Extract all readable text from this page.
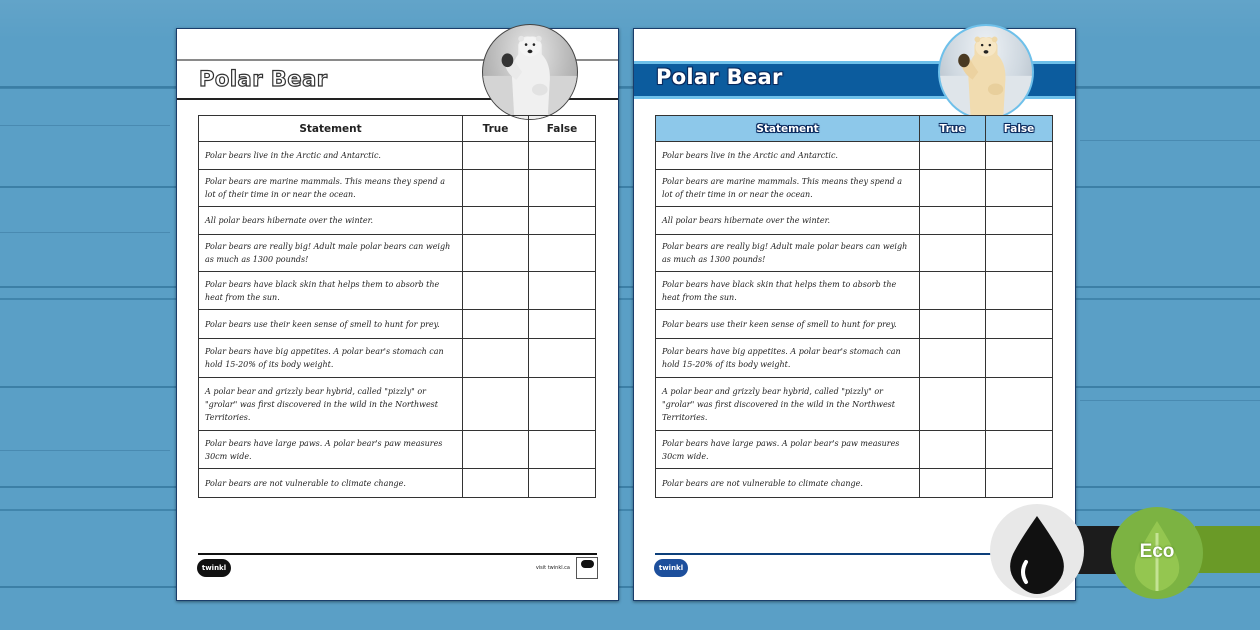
Polar Bear
Statement	True	False
Polar bears live in the Arctic and Antarctic.		
Polar bears are marine mammals. This means they spend a lot of their time in or near the ocean.		
All polar bears hibernate over the winter.		
Polar bears are really big! Adult male polar bears can weigh as much as 1300 pounds!		
Polar bears have black skin that helps them to absorb the heat from the sun.		
Polar bears use their keen sense of smell to hunt for prey.		
Polar bears have big appetites. A polar bear's stomach can hold 15-20% of its body weight.		
A polar bear and grizzly bear hybrid, called "pizzly" or "grolar" was first discovered in the wild in the Northwest Territories.		
Polar bears have large paws. A polar bear's paw measures 30cm wide.		
Polar bears are not vulnerable to climate change.		
twinkl	visit twinkl.ca
Polar Bear
Statement	True	False
Polar bears live in the Arctic and Antarctic.		
Polar bears are marine mammals. This means they spend a lot of their time in or near the ocean.		
All polar bears hibernate over the winter.		
Polar bears are really big! Adult male polar bears can weigh as much as 1300 pounds!		
Polar bears have black skin that helps them to absorb the heat from the sun.		
Polar bears use their keen sense of smell to hunt for prey.		
Polar bears have big appetites. A polar bear's stomach can hold 15-20% of its body weight.		
A polar bear and grizzly bear hybrid, called "pizzly" or "grolar" was first discovered in the wild in the Northwest Territories.		
Polar bears have large paws. A polar bear's paw measures 30cm wide.		
Polar bears are not vulnerable to climate change.		
twinkl
Eco
